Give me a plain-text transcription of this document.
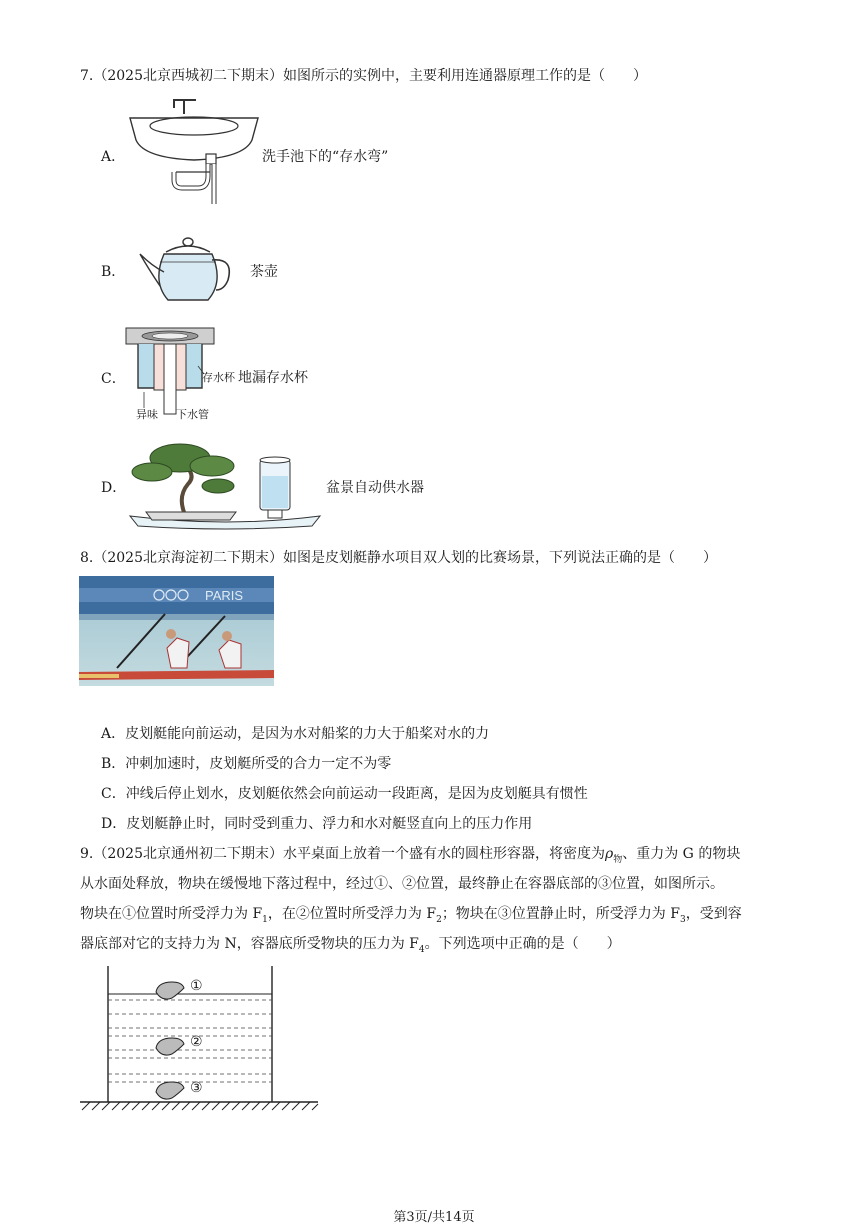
7.（2025北京西城初二下期末）如图所示的实例中，主要利用连通器原理工作的是（　　）
A．	洗手池下的“存水弯”
B．	茶壶
C．	存水杯
异味 下水管
地漏存水杯
D．	盆景自动供水器
8.（2025北京海淀初二下期末）如图是皮划艇静水项目双人划的比赛场景，下列说法正确的是（　　）
PARIS
A．皮划艇能向前运动，是因为水对船桨的力大于船桨对水的力
B．冲刺加速时，皮划艇所受的合力一定不为零
C．冲线后停止划水，皮划艇依然会向前运动一段距离，是因为皮划艇具有惯性
D．皮划艇静止时，同时受到重力、浮力和水对艇竖直向上的压力作用
9.（2025北京通州初二下期末）水平桌面上放着一个盛有水的圆柱形容器，将密度为$\rho_物$、重力为 G 的物块
从水面处释放，物块在缓慢地下落过程中，经过①、②位置，最终静止在容器底部的③位置，如图所示。
物块在①位置时所受浮力为 $F_1$，在②位置时所受浮力为 $F_2$；物块在③位置静止时，所受浮力为 $F_3$，受到容
器底部对它的支持力为 N，容器底所受物块的压力为 $F_4$。下列选项中正确的是（　　）
①
②
③
第3页/共14页
